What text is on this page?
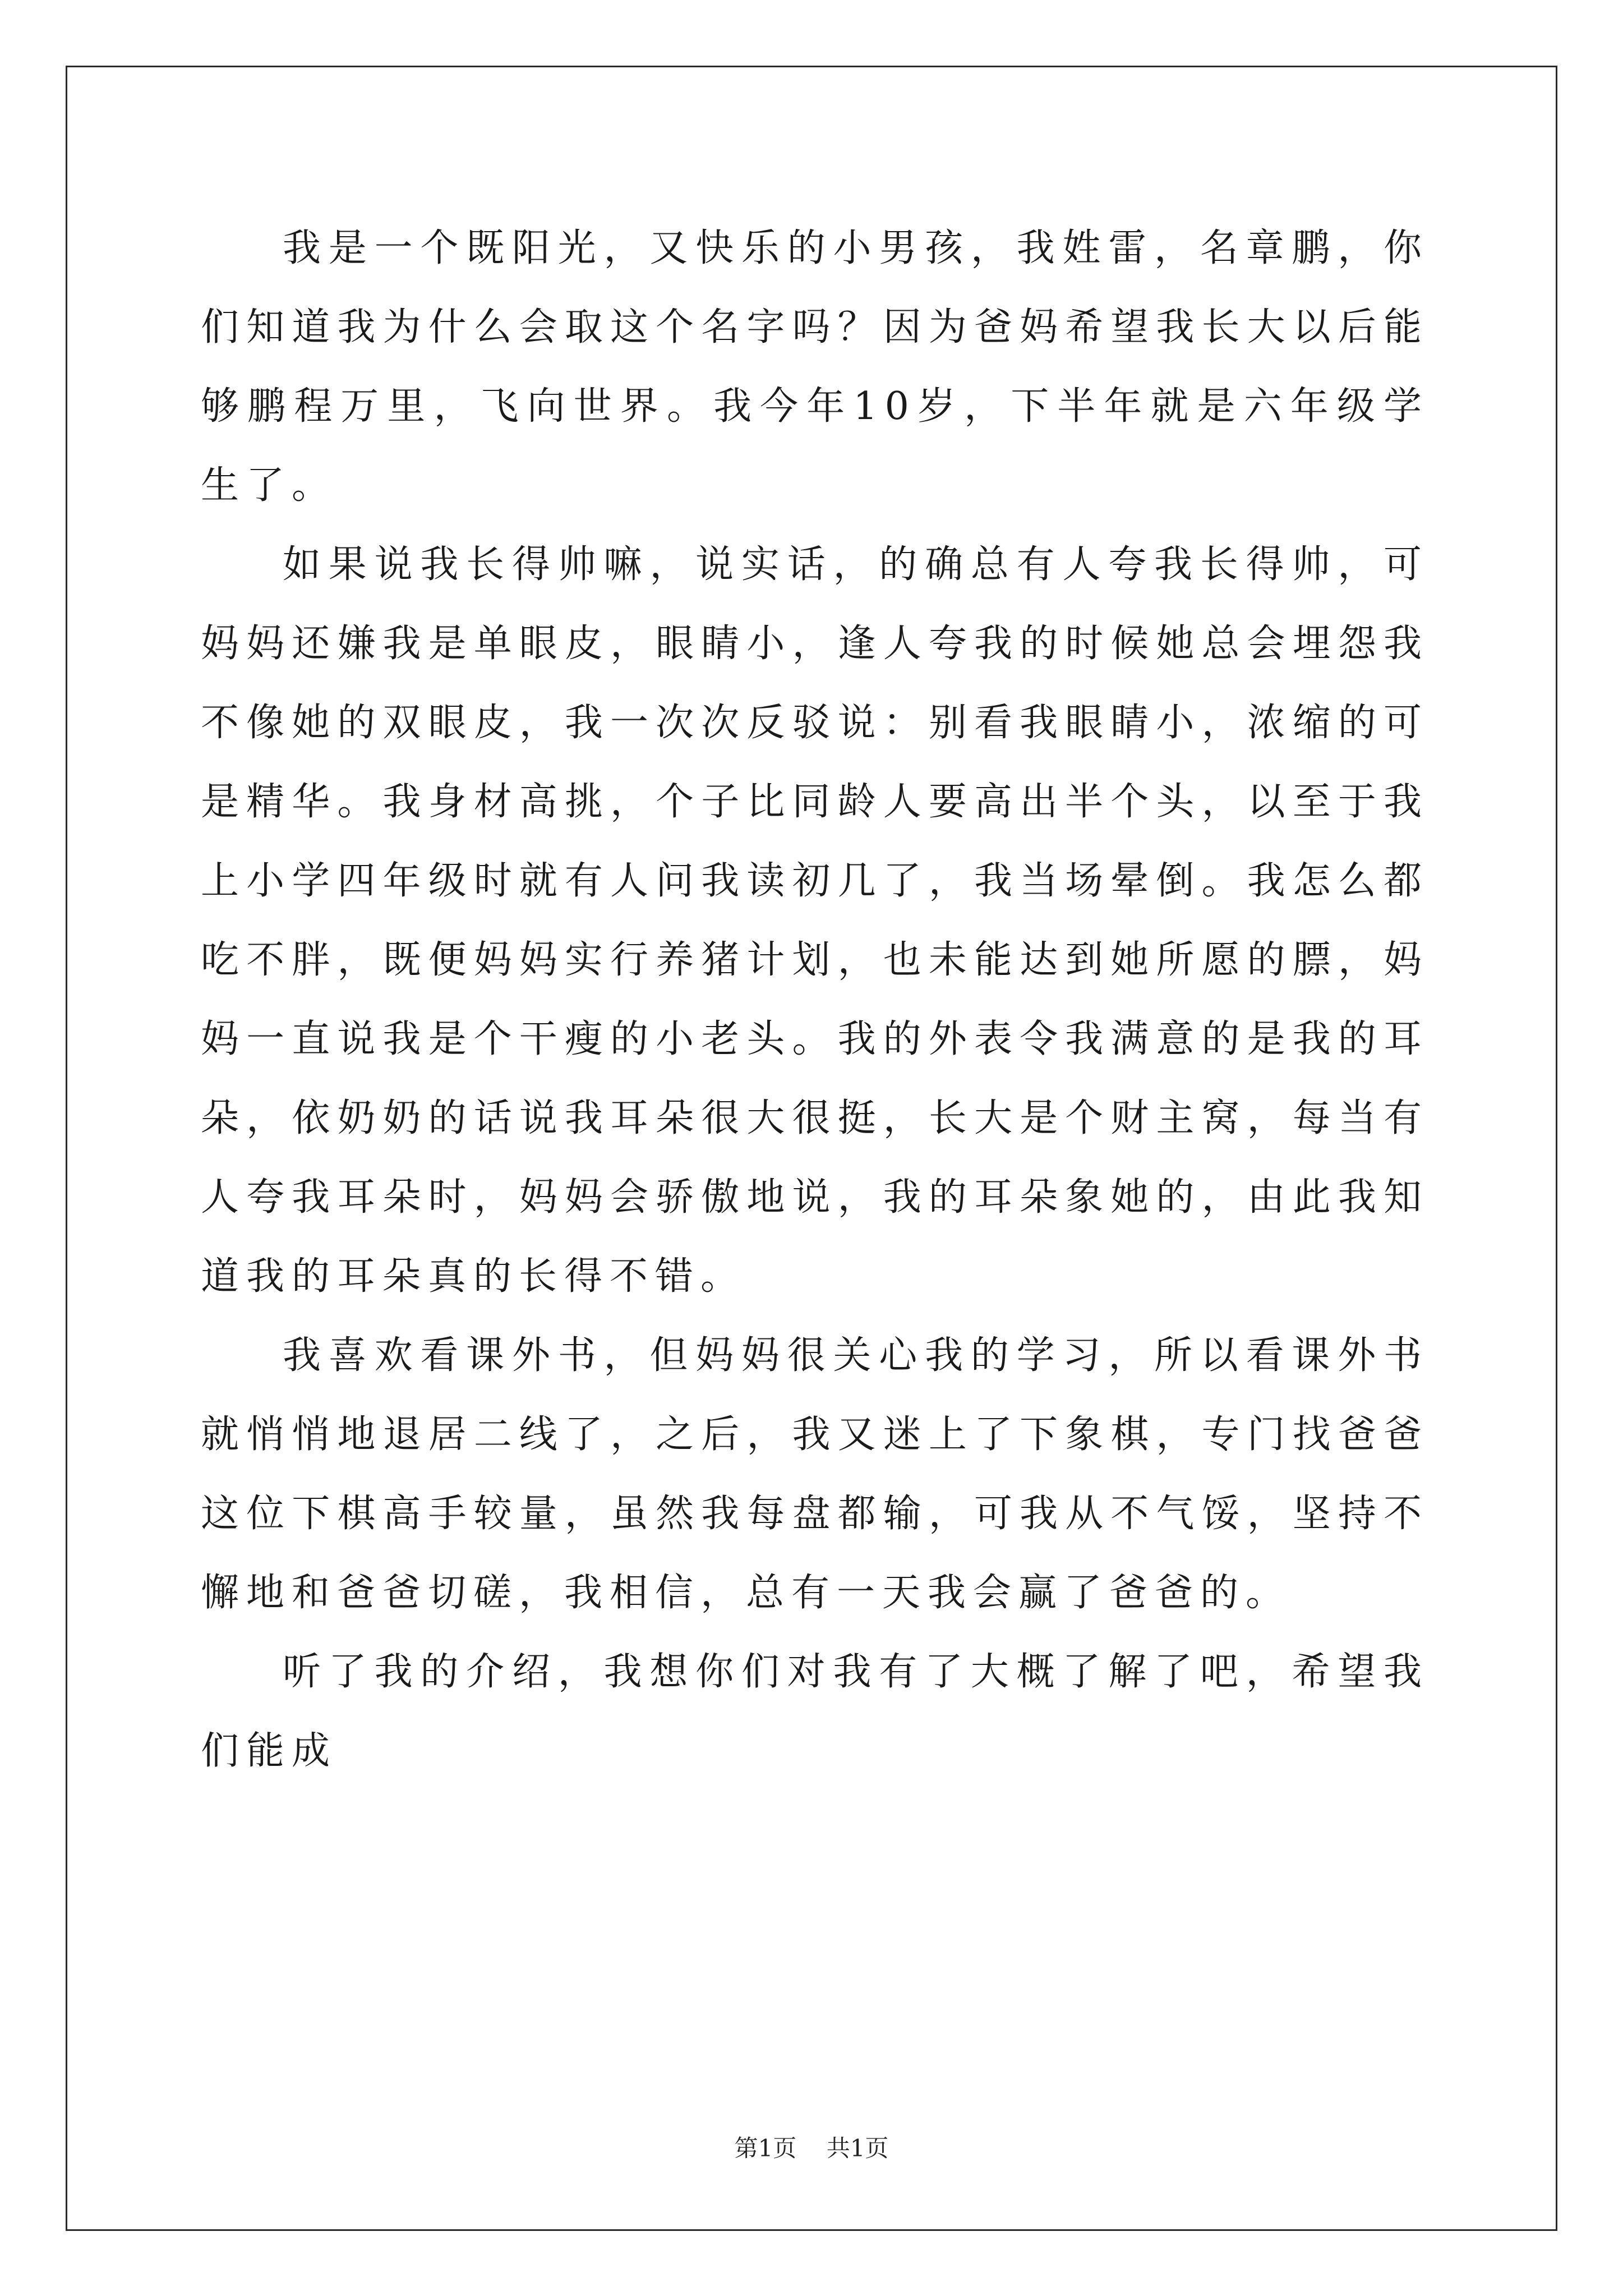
我是一个既阳光，又快乐的小男孩，我姓雷，名章鹏，你们知道我为什么会取这个名字吗？因为爸妈希望我长大以后能够鹏程万里，飞向世界。我今年10岁，下半年就是六年级学生了。

如果说我长得帅嘛，说实话，的确总有人夸我长得帅，可妈妈还嫌我是单眼皮，眼睛小，逢人夸我的时候她总会埋怨我不像她的双眼皮，我一次次反驳说：别看我眼睛小，浓缩的可是精华。我身材高挑，个子比同龄人要高出半个头，以至于我上小学四年级时就有人问我读初几了，我当场晕倒。我怎么都吃不胖，既便妈妈实行养猪计划，也未能达到她所愿的膘，妈妈一直说我是个干瘦的小老头。我的外表令我满意的是我的耳朵，依奶奶的话说我耳朵很大很挺，长大是个财主窝，每当有人夸我耳朵时，妈妈会骄傲地说，我的耳朵象她的，由此我知道我的耳朵真的长得不错。

我喜欢看课外书，但妈妈很关心我的学习，所以看课外书就悄悄地退居二线了，之后，我又迷上了下象棋，专门找爸爸这位下棋高手较量，虽然我每盘都输，可我从不气馁，坚持不懈地和爸爸切磋，我相信，总有一天我会赢了爸爸的。

听了我的介绍，我想你们对我有了大概了解了吧，希望我们能成

第1页 共1页
